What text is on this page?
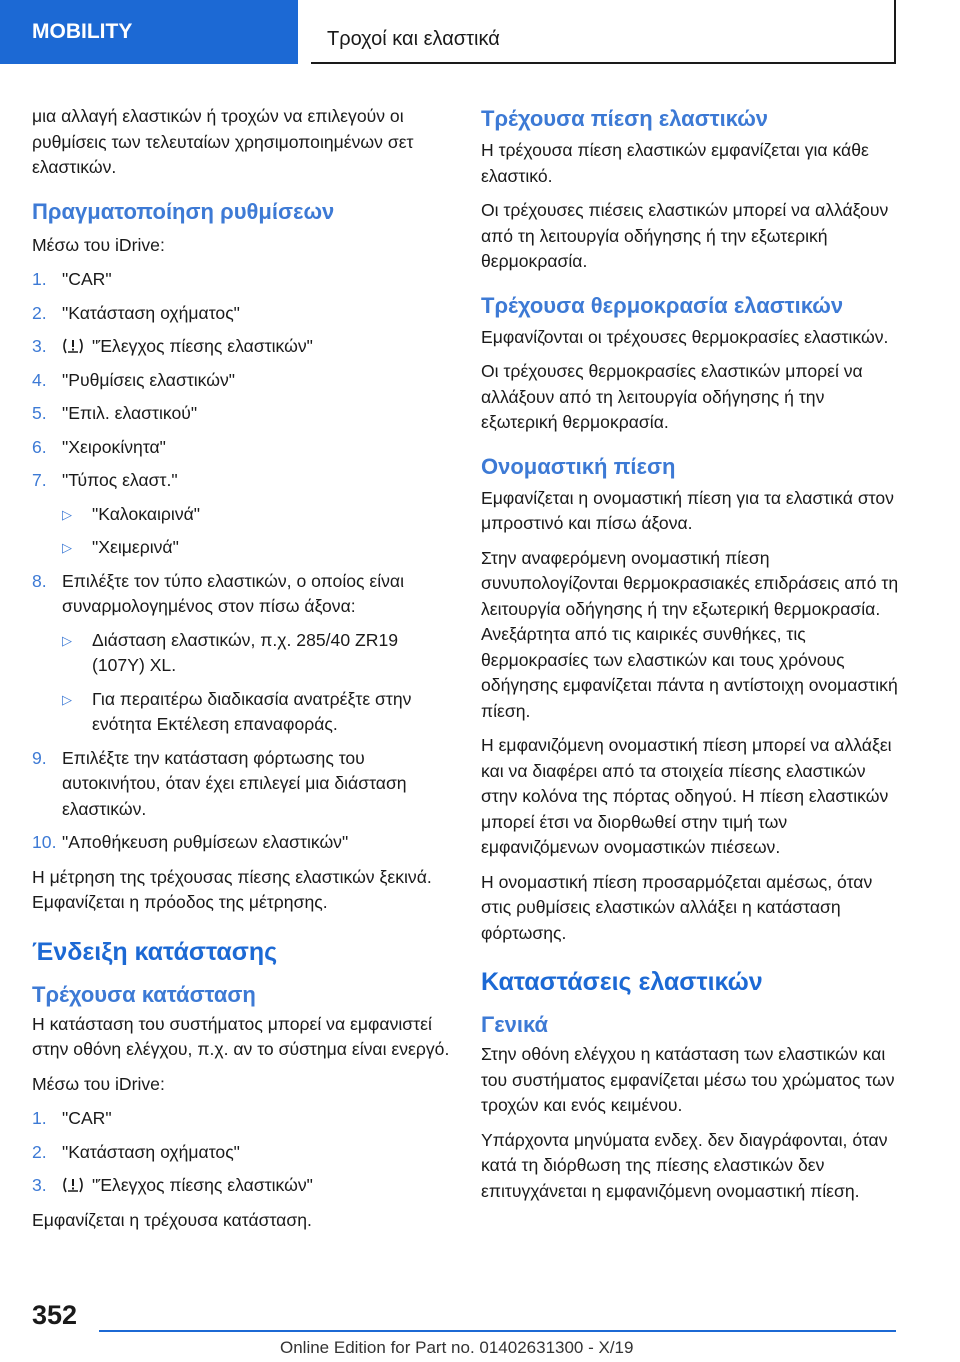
MOBILITY	Τροχοί και ελαστικά

μια αλλαγή ελαστικών ή τροχών να επιλεγούν οι ρυθμίσεις των τελευταίων χρησιμοποιημένων σετ ελαστικών.

Πραγματοποίηση ρυθμίσεων

Μέσω του iDrive:

1. "CAR"
2. "Κατάσταση οχήματος"
3.	"Έλεγχος πίεσης ελαστικών"
4. "Ρυθμίσεις ελαστικών"
5. "Επιλ. ελαστικού"
6. "Χειροκίνητα"
7. "Τύπος ελαστ."
▷	"Καλοκαιρινά"
▷	"Χειμερινά"
8. Επιλέξτε τον τύπο ελαστικών, ο οποίος είναι συναρμολογημένος στον πίσω άξονα:
▷	Διάσταση ελαστικών, π.χ. 285/40 ZR19 (107Y) XL.
▷	Για περαιτέρω διαδικασία ανατρέξτε στην ενότητα Εκτέλεση επαναφοράς.
9. Επιλέξτε την κατάσταση φόρτωσης του αυτοκινήτου, όταν έχει επιλεγεί μια διάσταση ελαστικών.
10. "Αποθήκευση ρυθμίσεων ελαστικών"

Η μέτρηση της τρέχουσας πίεσης ελαστικών ξεκινά. Εμφανίζεται η πρόοδος της μέτρησης.

Ένδειξη κατάστασης
Τρέχουσα κατάσταση

Η κατάσταση του συστήματος μπορεί να εμφανιστεί στην οθόνη ελέγχου, π.χ. αν το σύστημα είναι ενεργό.

Μέσω του iDrive:

1. "CAR"
2. "Κατάσταση οχήματος"
3.	"Έλεγχος πίεσης ελαστικών"

Εμφανίζεται η τρέχουσα κατάσταση.

Τρέχουσα πίεση ελαστικών

Η τρέχουσα πίεση ελαστικών εμφανίζεται για κάθε ελαστικό.

Οι τρέχουσες πιέσεις ελαστικών μπορεί να αλλάξουν από τη λειτουργία οδήγησης ή την εξωτερική θερμοκρασία.

Τρέχουσα θερμοκρασία ελαστικών

Εμφανίζονται οι τρέχουσες θερμοκρασίες ελαστικών.

Οι τρέχουσες θερμοκρασίες ελαστικών μπορεί να αλλάξουν από τη λειτουργία οδήγησης ή την εξωτερική θερμοκρασία.

Ονομαστική πίεση

Εμφανίζεται η ονομαστική πίεση για τα ελαστικά στον μπροστινό και πίσω άξονα.

Στην αναφερόμενη ονομαστική πίεση συνυπολογίζονται θερμοκρασιακές επιδράσεις από τη λειτουργία οδήγησης ή την εξωτερική θερμοκρασία. Ανεξάρτητα από τις καιρικές συνθήκες, τις θερμοκρασίες των ελαστικών και τους χρόνους οδήγησης εμφανίζεται πάντα η αντίστοιχη ονομαστική πίεση.

Η εμφανιζόμενη ονομαστική πίεση μπορεί να αλλάξει και να διαφέρει από τα στοιχεία πίεσης ελαστικών στην κολόνα της πόρτας οδηγού. Η πίεση ελαστικών μπορεί έτσι να διορθωθεί στην τιμή των εμφανιζόμενων ονομαστικών πιέσεων.

Η ονομαστική πίεση προσαρμόζεται αμέσως, όταν στις ρυθμίσεις ελαστικών αλλάξει η κατάσταση φόρτωσης.

Καταστάσεις ελαστικών
Γενικά

Στην οθόνη ελέγχου η κατάσταση των ελαστικών και του συστήματος εμφανίζεται μέσω του χρώματος των τροχών και ενός κειμένου.

Υπάρχοντα μηνύματα ενδεχ. δεν διαγράφονται, όταν κατά τη διόρθωση της πίεσης ελαστικών δεν επιτυγχάνεται η εμφανιζόμενη ονομαστική πίεση.

352
Online Edition for Part no. 01402631300 - X/19
